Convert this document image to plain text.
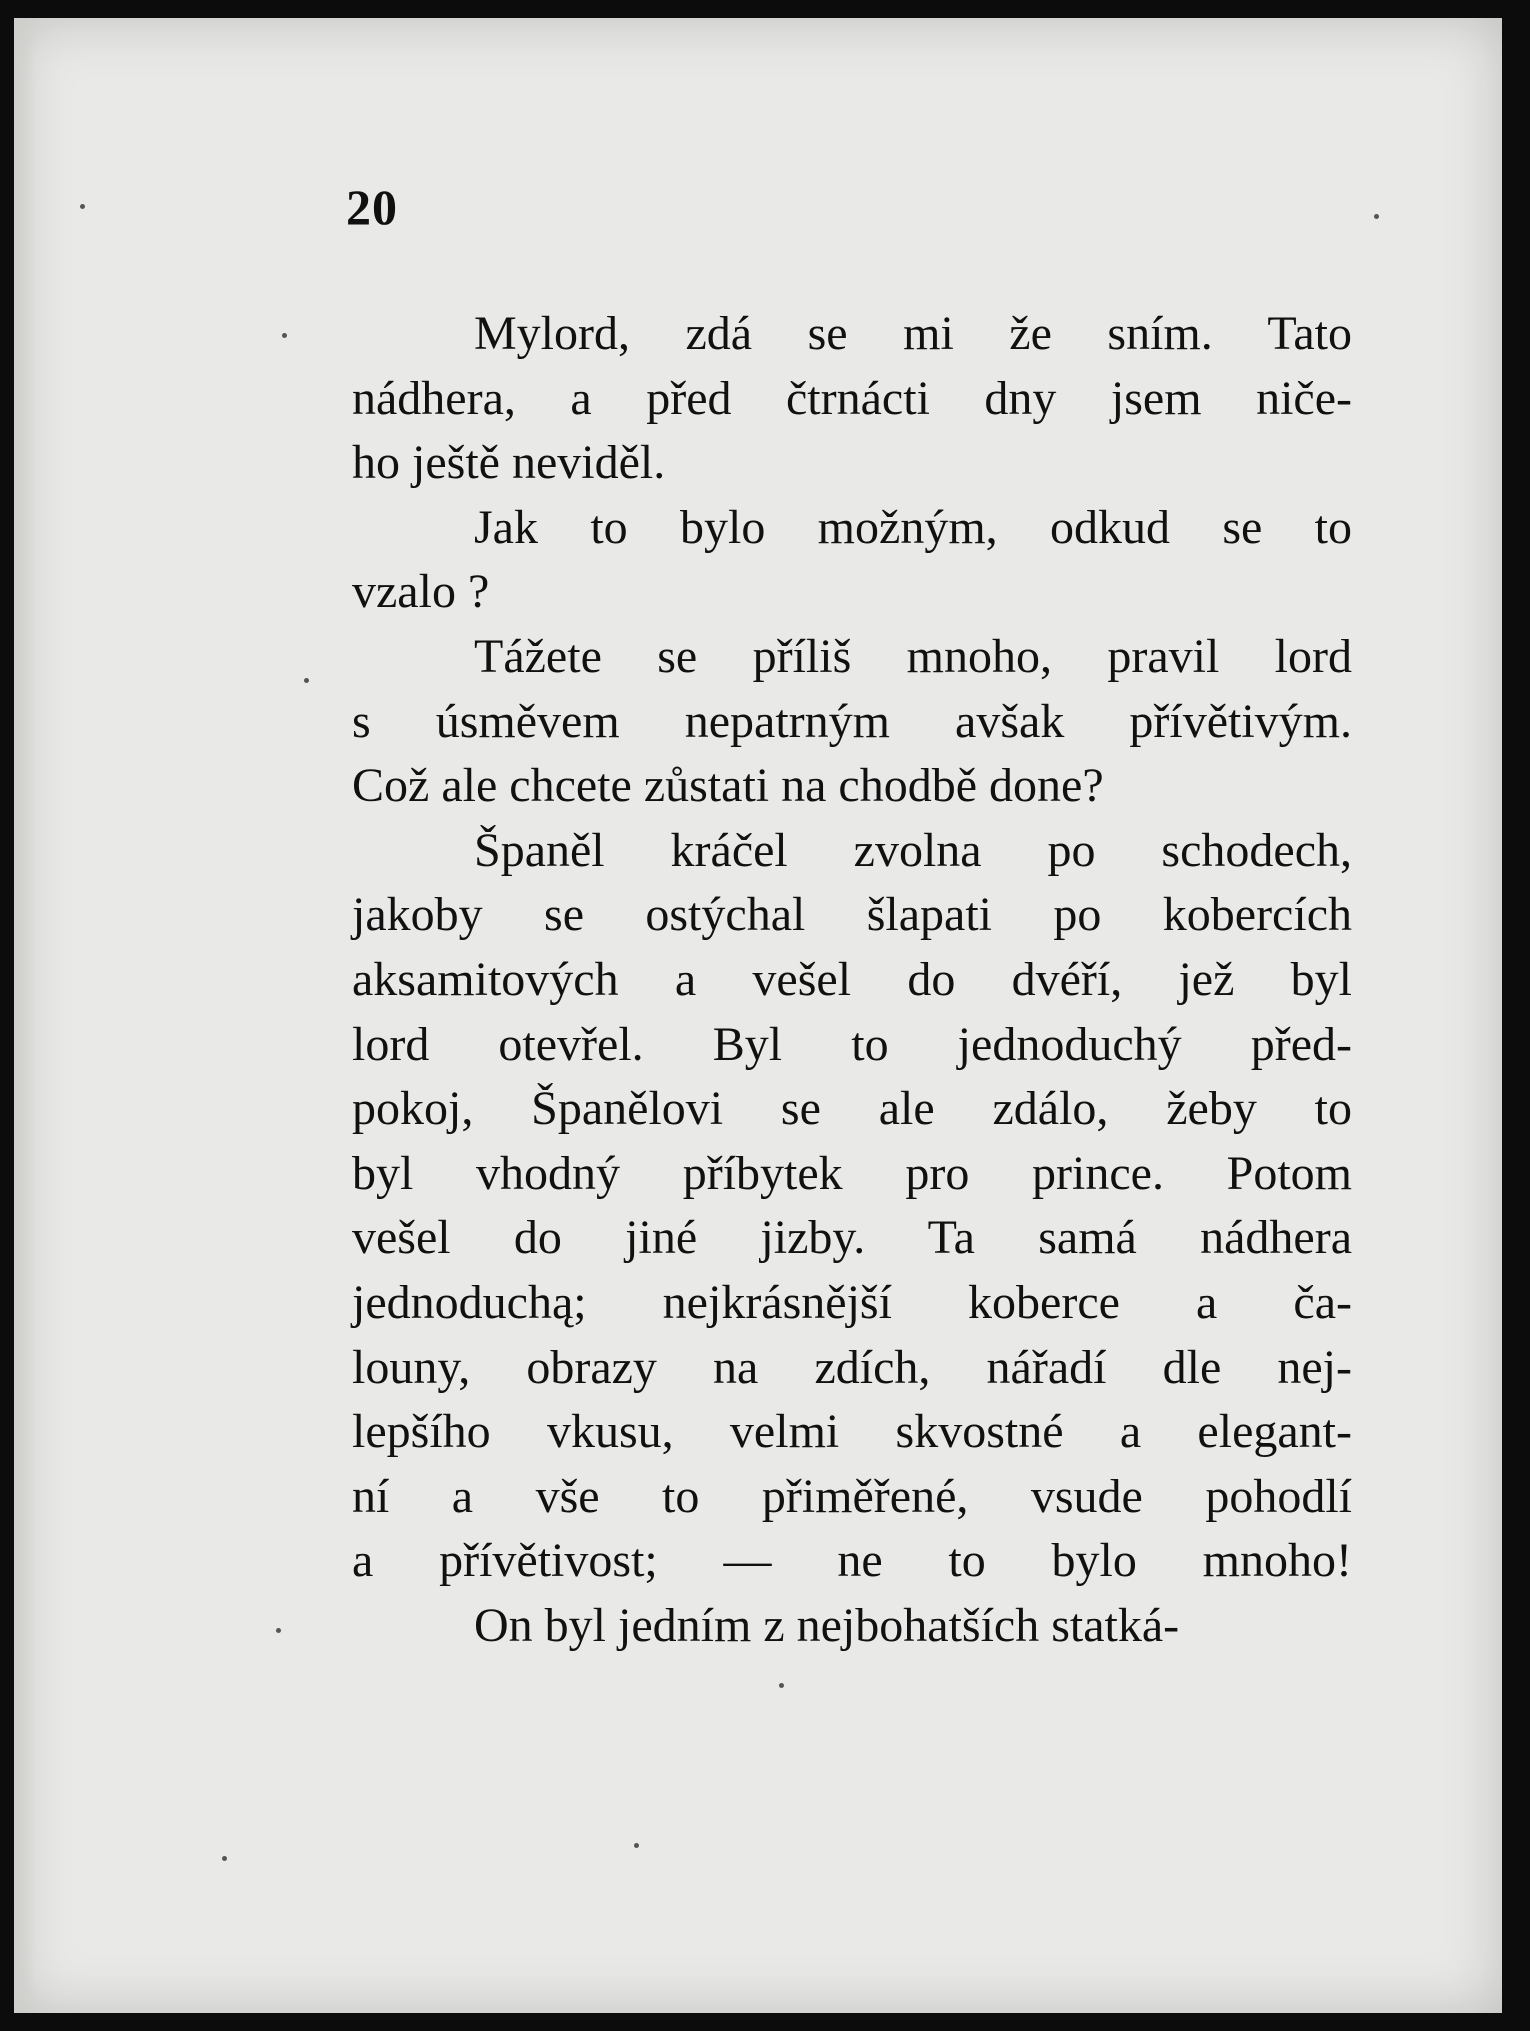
20
Mylord, zdá se mi že sním. Tato
nádhera, a před čtrnácti dny jsem niče-
ho ještě neviděl.
Jak to bylo možným, odkud se to
vzalo ?
Tážete se příliš mnoho, pravil lord
s úsměvem nepatrným avšak přívětivým.
Což ale chcete zůstati na chodbě done?
Španěl kráčel zvolna po schodech,
jakoby se ostýchal šlapati po kobercích
aksamitových a vešel do dvéří, jež byl
lord otevřel. Byl to jednoduchý před-
pokoj, Španělovi se ale zdálo, žeby to
byl vhodný příbytek pro prince. Potom
vešel do jiné jizby. Ta samá nádhera
jednoduchą; nejkrásnější koberce a ča-
louny, obrazy na zdích, nářadí dle nej-
lepšího vkusu, velmi skvostné a elegant-
ní a vše to přiměřené, vsude pohodlí
a přívětivost; — ne to bylo mnoho!
On byl jedním z nejbohatších statká-
